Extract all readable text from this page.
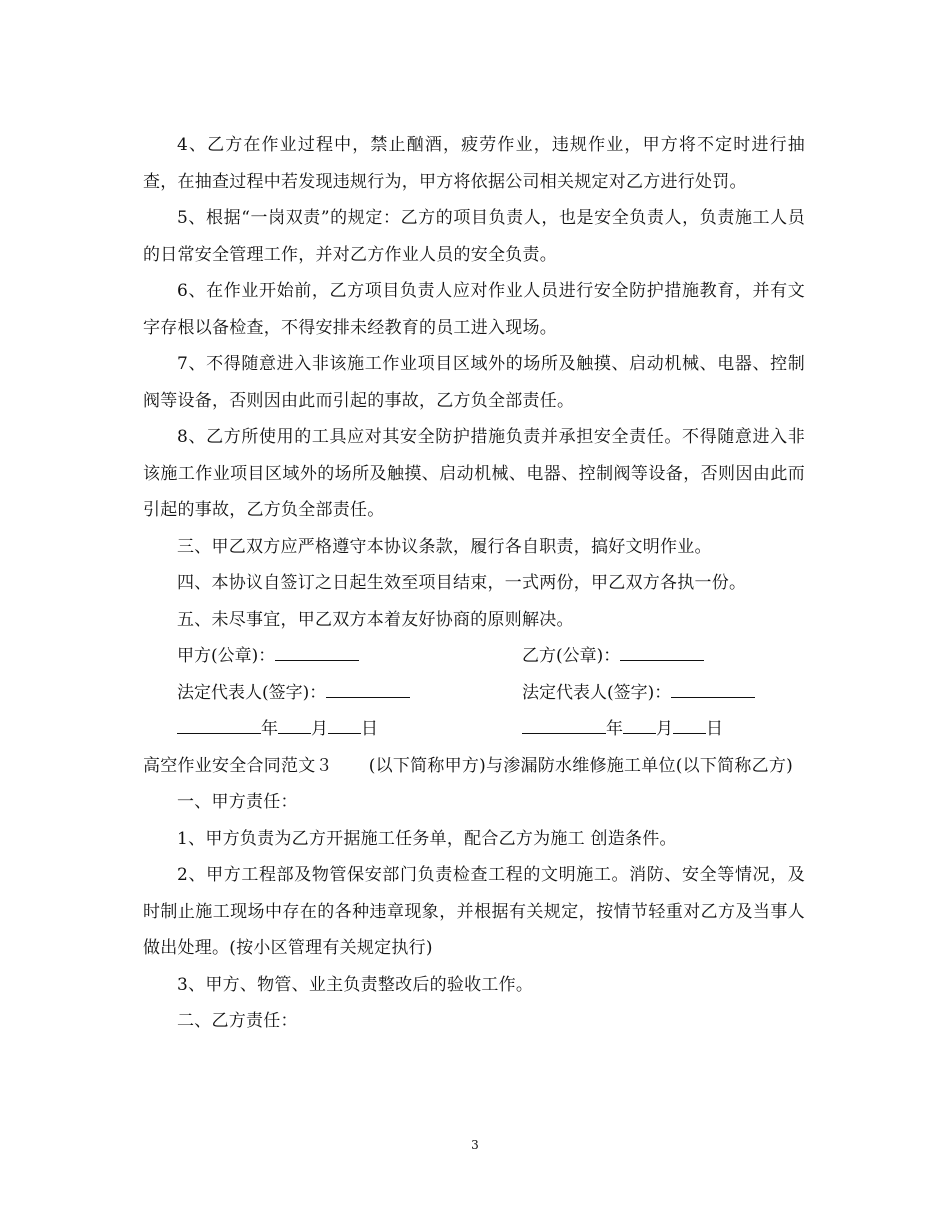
4、乙方在作业过程中，禁止酗酒，疲劳作业，违规作业，甲方将不定时进行抽查，在抽查过程中若发现违规行为，甲方将依据公司相关规定对乙方进行处罚。

5、根据“一岗双责”的规定：乙方的项目负责人，也是安全负责人，负责施工人员的日常安全管理工作，并对乙方作业人员的安全负责。

6、在作业开始前，乙方项目负责人应对作业人员进行安全防护措施教育，并有文字存根以备检查，不得安排未经教育的员工进入现场。

7、不得随意进入非该施工作业项目区域外的场所及触摸、启动机械、电器、控制阀等设备，否则因由此而引起的事故，乙方负全部责任。

8、乙方所使用的工具应对其安全防护措施负责并承担安全责任。不得随意进入非该施工作业项目区域外的场所及触摸、启动机械、电器、控制阀等设备，否则因由此而引起的事故，乙方负全部责任。

三、甲乙双方应严格遵守本协议条款，履行各自职责，搞好文明作业。

四、本协议自签订之日起生效至项目结束，一式两份，甲乙双方各执一份。

五、未尽事宜，甲乙双方本着友好协商的原则解决。

甲方(公章)：	乙方(公章)：
法定代表人(签字)：	法定代表人(签字)：
年 月 日	年 月 日

高空作业安全合同范文３ (以下简称甲方)与渗漏防水维修施工单位(以下简称乙方)

一、甲方责任：

1、甲方负责为乙方开据施工任务单，配合乙方为施工 创造条件。

2、甲方工程部及物管保安部门负责检查工程的文明施工。消防、安全等情况，及时制止施工现场中存在的各种违章现象，并根据有关规定，按情节轻重对乙方及当事人做出处理。(按小区管理有关规定执行)

3、甲方、物管、业主负责整改后的验收工作。

二、乙方责任：

3
